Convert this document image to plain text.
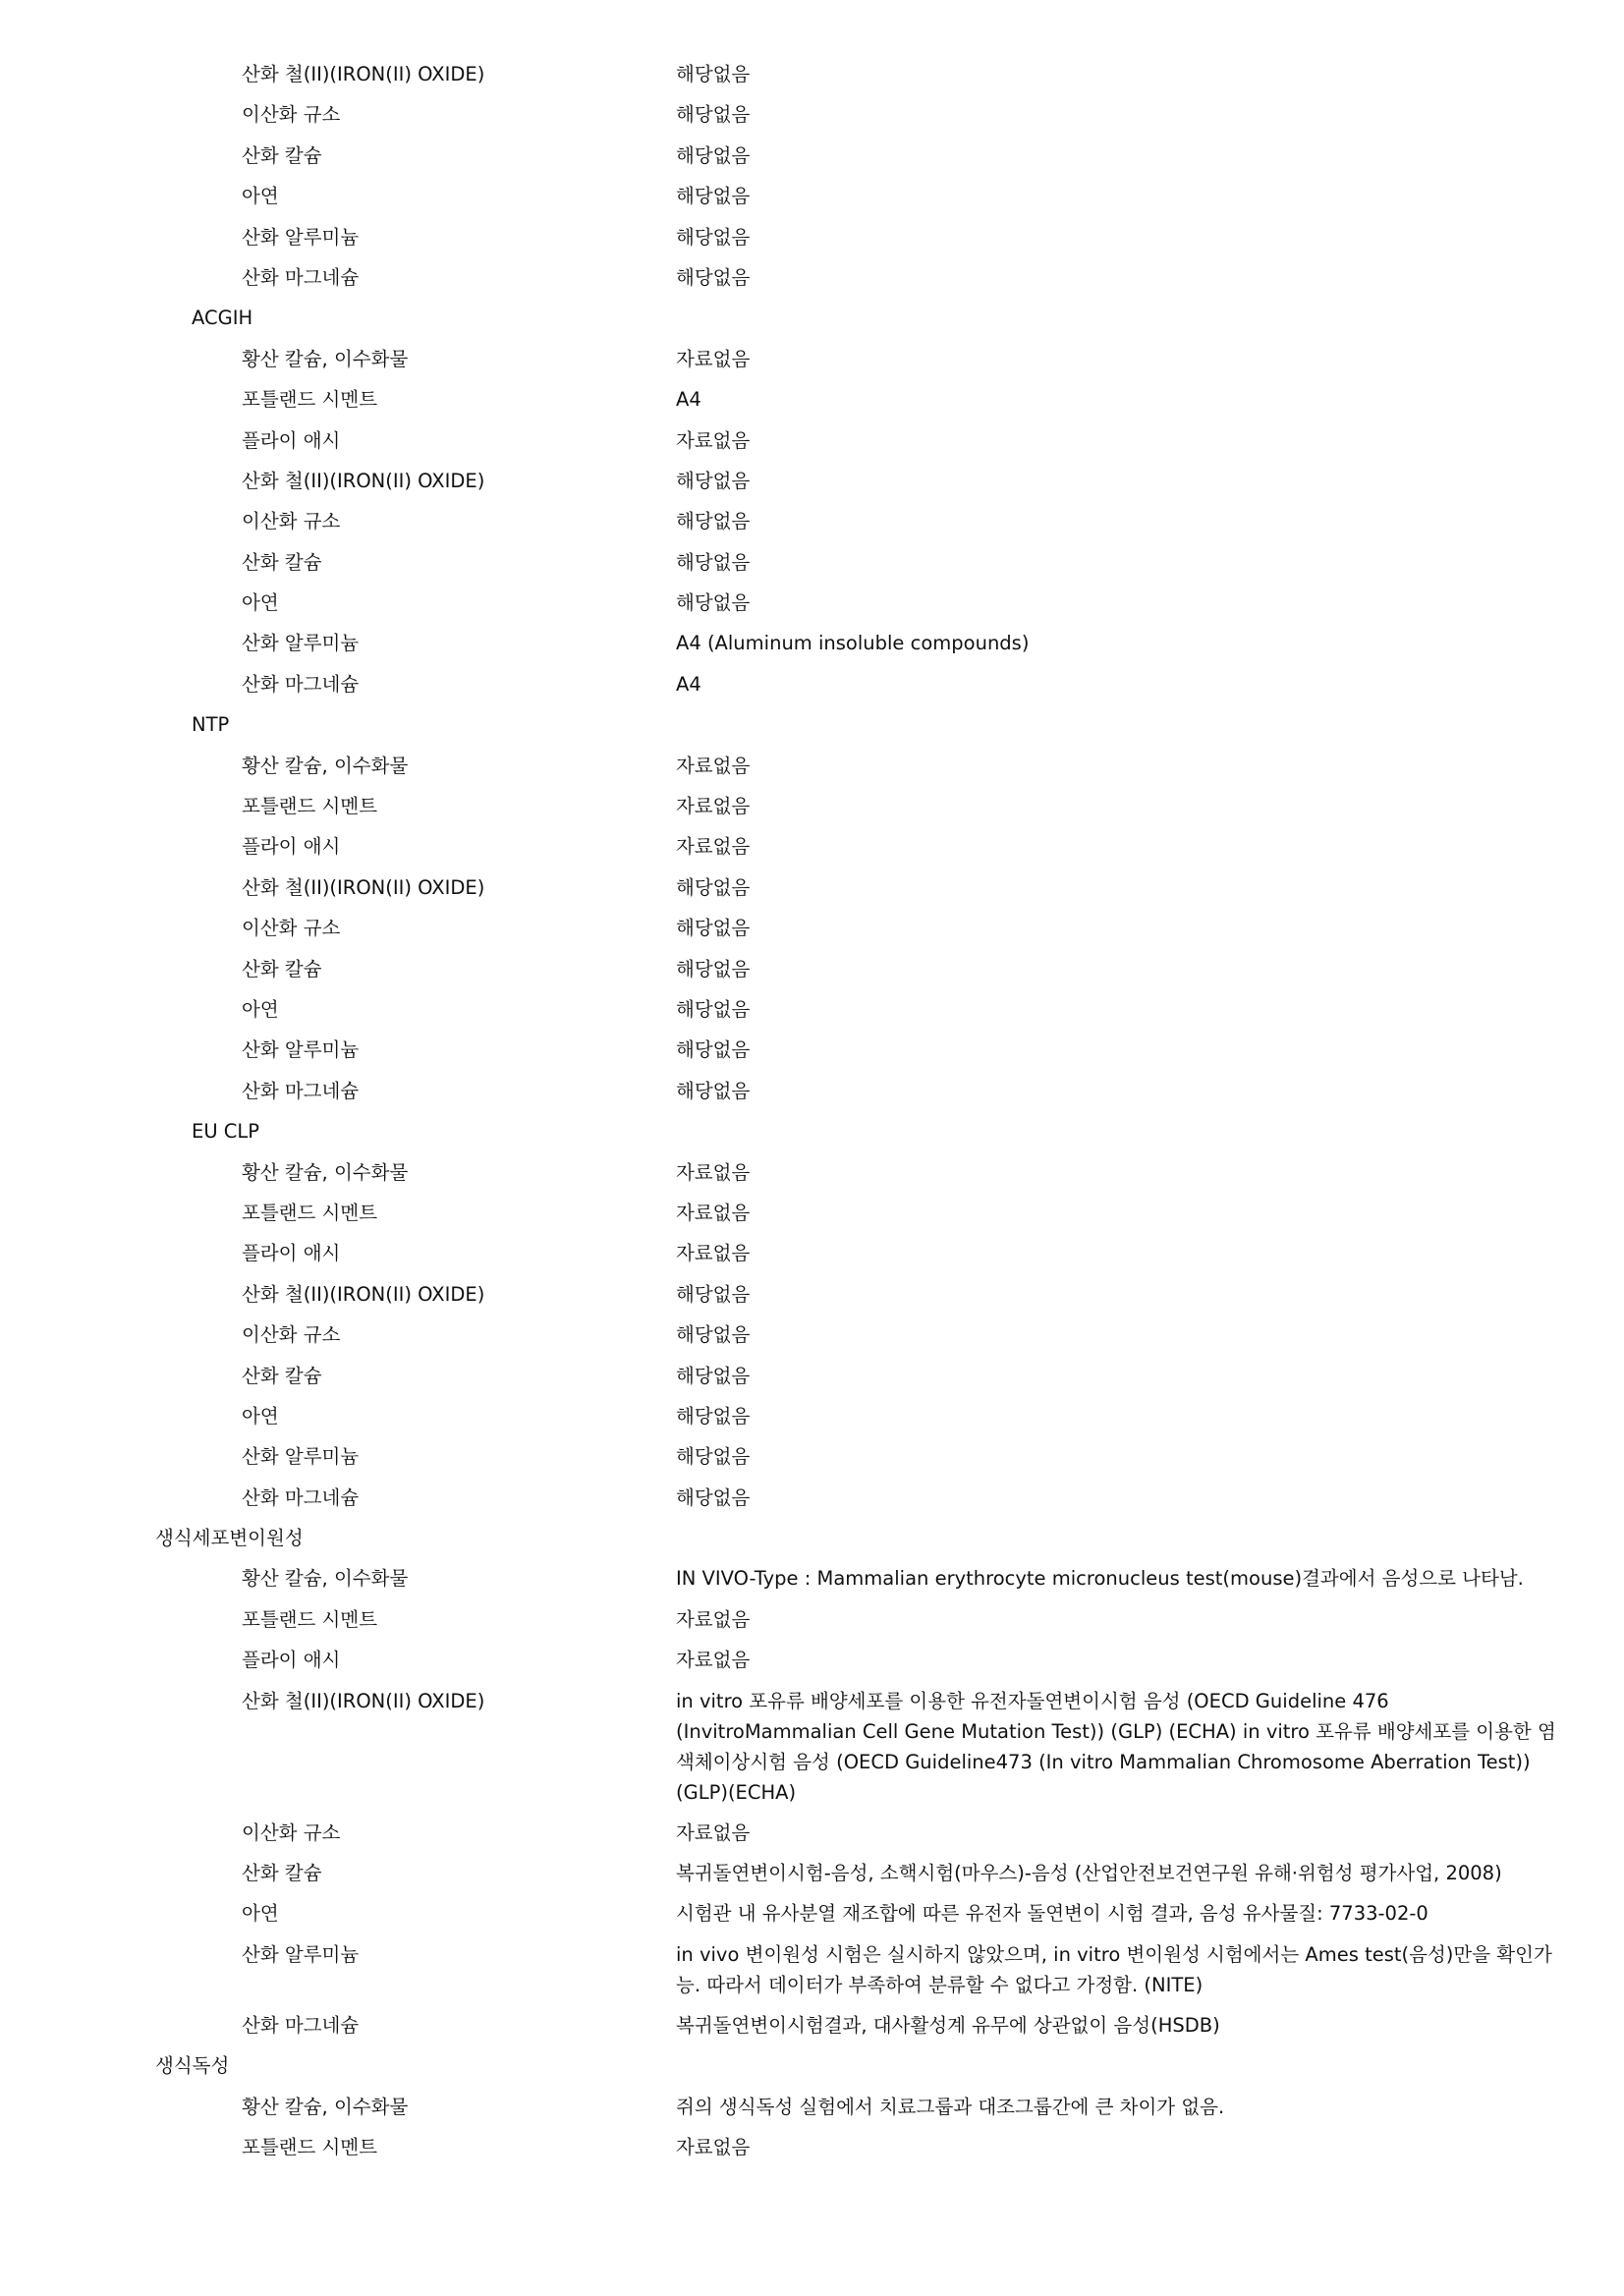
산화 철(II)(IRON(II) OXIDE)	해당없음
이산화 규소	해당없음
산화 칼슘	해당없음
아연	해당없음
산화 알루미늄	해당없음
산화 마그네슘	해당없음
ACGIH
황산 칼슘, 이수화물	자료없음
포틀랜드 시멘트	A4
플라이 애시	자료없음
산화 철(II)(IRON(II) OXIDE)	해당없음
이산화 규소	해당없음
산화 칼슘	해당없음
아연	해당없음
산화 알루미늄	A4 (Aluminum insoluble compounds)
산화 마그네슘	A4
NTP
황산 칼슘, 이수화물	자료없음
포틀랜드 시멘트	자료없음
플라이 애시	자료없음
산화 철(II)(IRON(II) OXIDE)	해당없음
이산화 규소	해당없음
산화 칼슘	해당없음
아연	해당없음
산화 알루미늄	해당없음
산화 마그네슘	해당없음
EU CLP
황산 칼슘, 이수화물	자료없음
포틀랜드 시멘트	자료없음
플라이 애시	자료없음
산화 철(II)(IRON(II) OXIDE)	해당없음
이산화 규소	해당없음
산화 칼슘	해당없음
아연	해당없음
산화 알루미늄	해당없음
산화 마그네슘	해당없음
생식세포변이원성
황산 칼슘, 이수화물	IN VIVO-Type : Mammalian erythrocyte micronucleus test(mouse)결과에서 음성으로 나타남.
포틀랜드 시멘트	자료없음
플라이 애시	자료없음
산화 철(II)(IRON(II) OXIDE)	in vitro 포유류 배양세포를 이용한 유전자돌연변이시험 음성 (OECD Guideline 476 (InvitroMammalian Cell Gene Mutation Test)) (GLP) (ECHA) in vitro 포유류 배양세포를 이용한 염색체이상시험 음성 (OECD Guideline473 (In vitro Mammalian Chromosome Aberration Test)) (GLP)(ECHA)
이산화 규소	자료없음
산화 칼슘	복귀돌연변이시험-음성, 소핵시험(마우스)-음성 (산업안전보건연구원 유해·위험성 평가사업, 2008)
아연	시험관 내 유사분열 재조합에 따른 유전자 돌연변이 시험 결과, 음성 유사물질: 7733-02-0
산화 알루미늄	in vivo 변이원성 시험은 실시하지 않았으며, in vitro 변이원성 시험에서는 Ames test(음성)만을 확인가능. 따라서 데이터가 부족하여 분류할 수 없다고 가정함. (NITE)
산화 마그네슘	복귀돌연변이시험결과, 대사활성계 유무에 상관없이 음성(HSDB)
생식독성
황산 칼슘, 이수화물	쥐의 생식독성 실험에서 치료그룹과 대조그룹간에 큰 차이가 없음.
포틀랜드 시멘트	자료없음
